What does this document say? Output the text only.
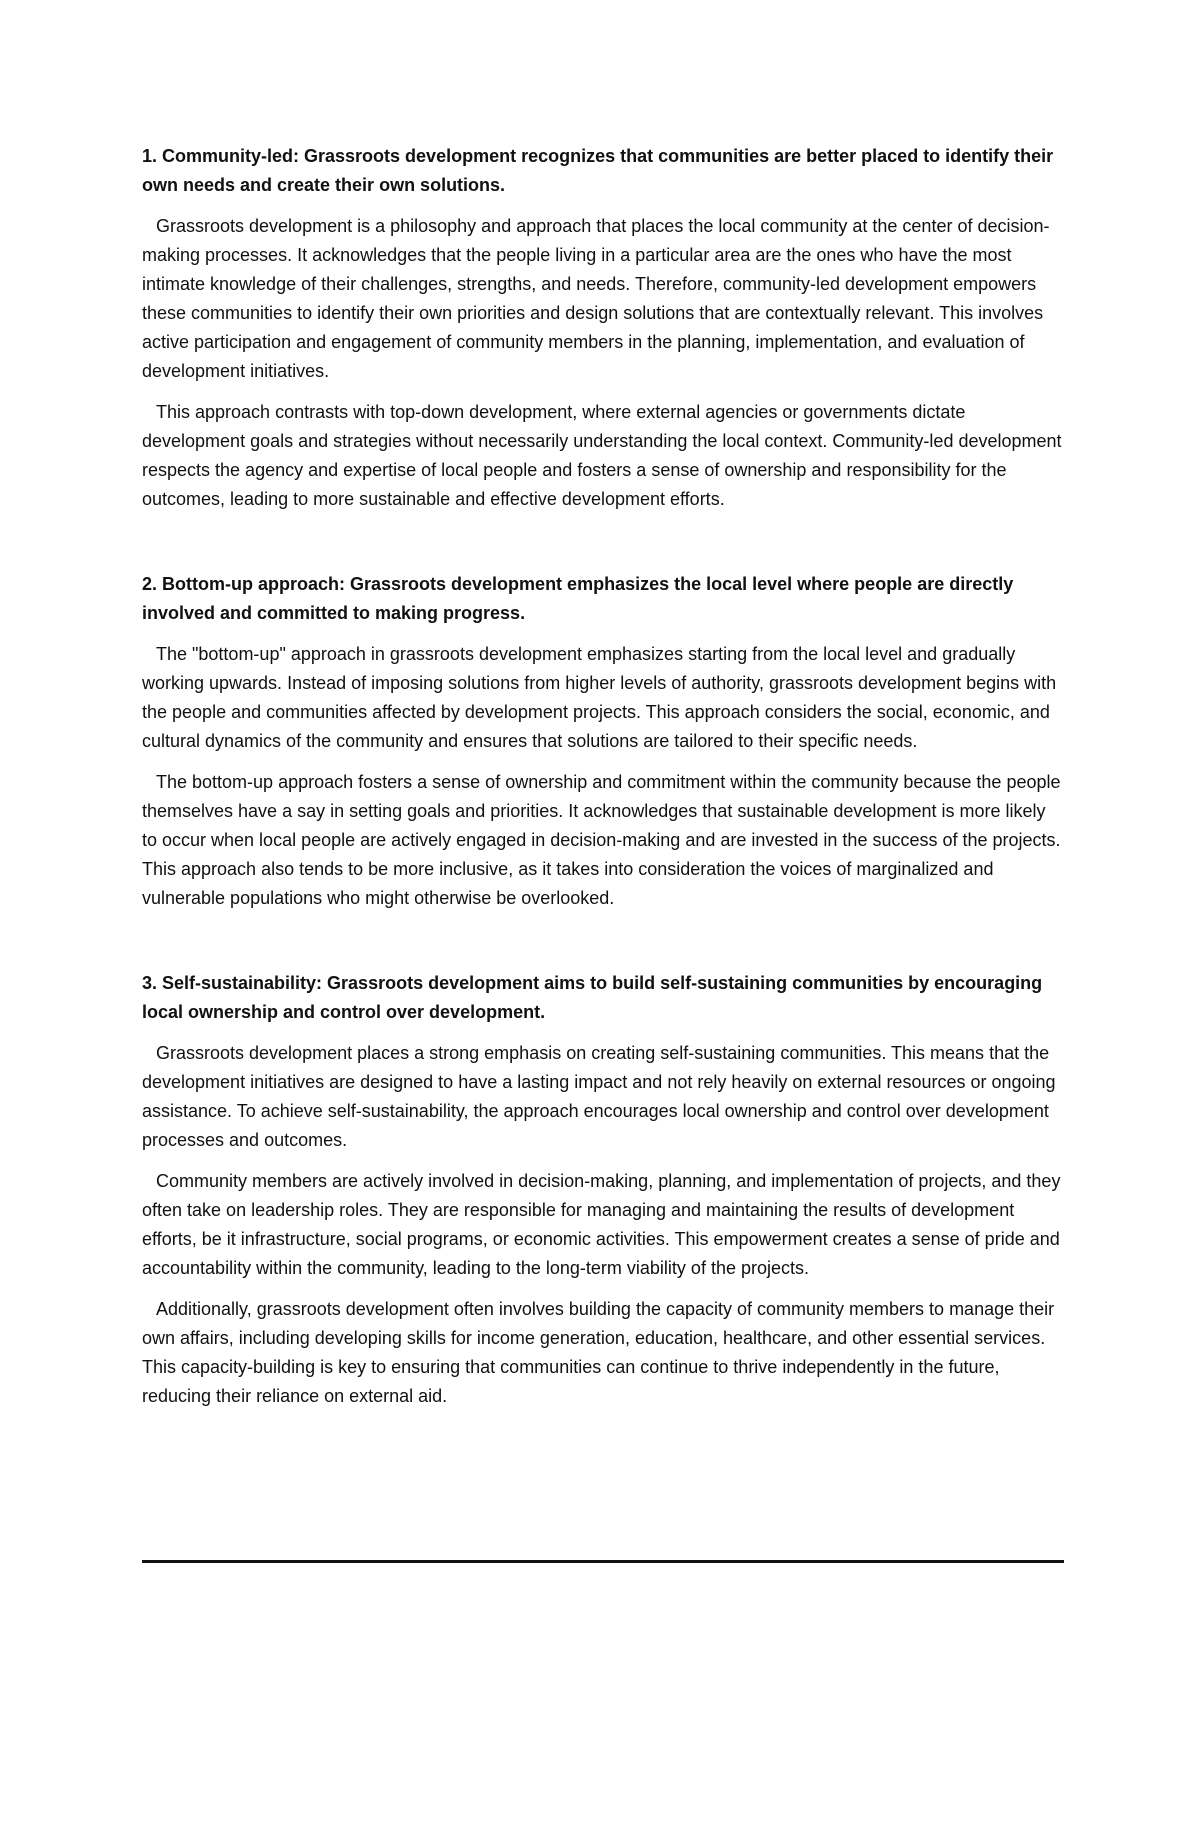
1. Community-led: Grassroots development recognizes that communities are better placed to identify their own needs and create their own solutions.

Grassroots development is a philosophy and approach that places the local community at the center of decision-making processes. It acknowledges that the people living in a particular area are the ones who have the most intimate knowledge of their challenges, strengths, and needs. Therefore, community-led development empowers these communities to identify their own priorities and design solutions that are contextually relevant. This involves active participation and engagement of community members in the planning, implementation, and evaluation of development initiatives.

This approach contrasts with top-down development, where external agencies or governments dictate development goals and strategies without necessarily understanding the local context. Community-led development respects the agency and expertise of local people and fosters a sense of ownership and responsibility for the outcomes, leading to more sustainable and effective development efforts.

2. Bottom-up approach: Grassroots development emphasizes the local level where people are directly involved and committed to making progress.

The "bottom-up" approach in grassroots development emphasizes starting from the local level and gradually working upwards. Instead of imposing solutions from higher levels of authority, grassroots development begins with the people and communities affected by development projects. This approach considers the social, economic, and cultural dynamics of the community and ensures that solutions are tailored to their specific needs.

The bottom-up approach fosters a sense of ownership and commitment within the community because the people themselves have a say in setting goals and priorities. It acknowledges that sustainable development is more likely to occur when local people are actively engaged in decision-making and are invested in the success of the projects. This approach also tends to be more inclusive, as it takes into consideration the voices of marginalized and vulnerable populations who might otherwise be overlooked.

3. Self-sustainability: Grassroots development aims to build self-sustaining communities by encouraging local ownership and control over development.

Grassroots development places a strong emphasis on creating self-sustaining communities. This means that the development initiatives are designed to have a lasting impact and not rely heavily on external resources or ongoing assistance. To achieve self-sustainability, the approach encourages local ownership and control over development processes and outcomes.

Community members are actively involved in decision-making, planning, and implementation of projects, and they often take on leadership roles. They are responsible for managing and maintaining the results of development efforts, be it infrastructure, social programs, or economic activities. This empowerment creates a sense of pride and accountability within the community, leading to the long-term viability of the projects.

Additionally, grassroots development often involves building the capacity of community members to manage their own affairs, including developing skills for income generation, education, healthcare, and other essential services. This capacity-building is key to ensuring that communities can continue to thrive independently in the future, reducing their reliance on external aid.
